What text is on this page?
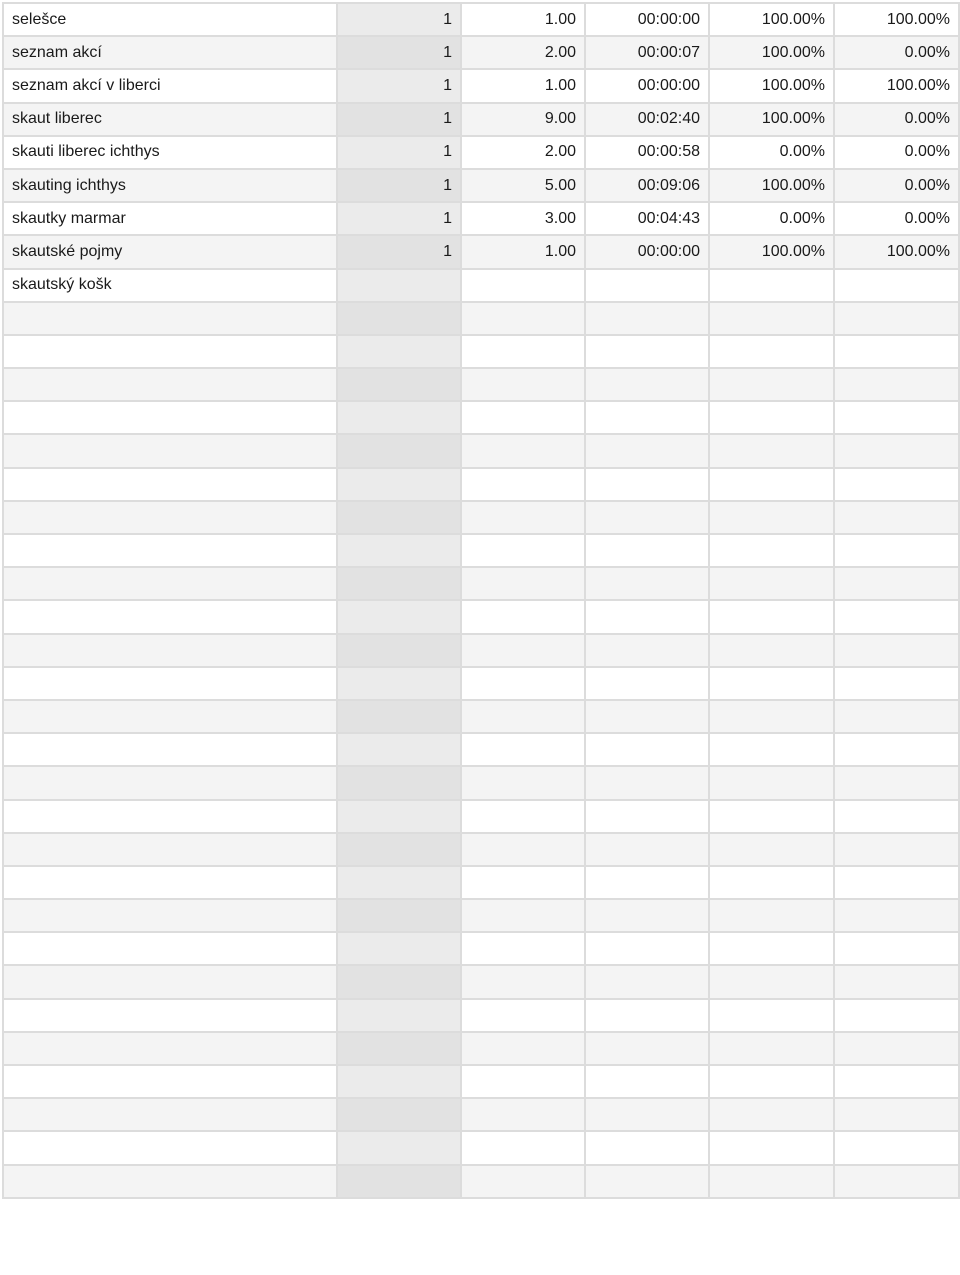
selešce	1	1.00	00:00:00	100.00%	100.00%
seznam akcí	1	2.00	00:00:07	100.00%	0.00%
seznam akcí v liberci	1	1.00	00:00:00	100.00%	100.00%
skaut liberec	1	9.00	00:02:40	100.00%	0.00%
skauti liberec ichthys	1	2.00	00:00:58	0.00%	0.00%
skauting ichthys	1	5.00	00:09:06	100.00%	0.00%
skautky marmar	1	3.00	00:04:43	0.00%	0.00%
skautské pojmy	1	1.00	00:00:00	100.00%	100.00%
skautský košk					
